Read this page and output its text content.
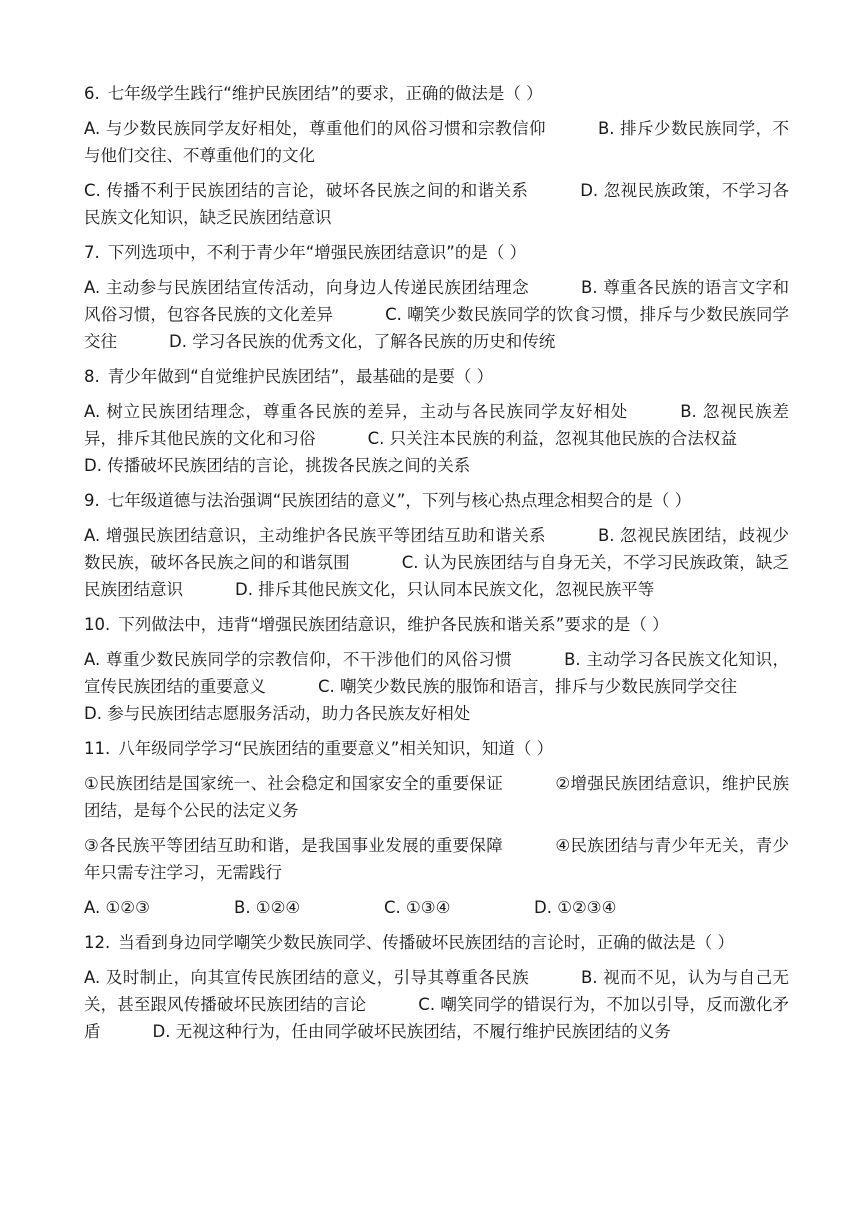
6. 七年级学生践行“维护民族团结”的要求，正确的做法是（ ）
A. 与少数民族同学友好相处，尊重他们的风俗习惯和宗教信仰	B. 排斥少数民族同学，不与他们交往、不尊重他们的文化
C. 传播不利于民族团结的言论，破坏各民族之间的和谐关系	D. 忽视民族政策，不学习各民族文化知识，缺乏民族团结意识
7. 下列选项中，不利于青少年“增强民族团结意识”的是（ ）
A. 主动参与民族团结宣传活动，向身边人传递民族团结理念	B. 尊重各民族的语言文字和风俗习惯，包容各民族的文化差异	C. 嘲笑少数民族同学的饮食习惯，排斥与少数民族同学交往	D. 学习各民族的优秀文化，了解各民族的历史和传统
8. 青少年做到“自觉维护民族团结”，最基础的是要（ ）
A. 树立民族团结理念，尊重各民族的差异，主动与各民族同学友好相处	B. 忽视民族差异，排斥其他民族的文化和习俗	C. 只关注本民族的利益，忽视其他民族的合法权益D. 传播破坏民族团结的言论，挑拨各民族之间的关系
9. 七年级道德与法治强调“民族团结的意义”，下列与核心热点理念相契合的是（ ）
A. 增强民族团结意识，主动维护各民族平等团结互助和谐关系	B. 忽视民族团结，歧视少数民族，破坏各民族之间的和谐氛围	C. 认为民族团结与自身无关，不学习民族政策，缺乏民族团结意识	D. 排斥其他民族文化，只认同本民族文化，忽视民族平等
10. 下列做法中，违背“增强民族团结意识，维护各民族和谐关系”要求的是（ ）
A. 尊重少数民族同学的宗教信仰，不干涉他们的风俗习惯	B. 主动学习各民族文化知识，宣传民族团结的重要意义	C. 嘲笑少数民族的服饰和语言，排斥与少数民族同学交往D. 参与民族团结志愿服务活动，助力各民族友好相处
11. 八年级同学学习“民族团结的重要意义”相关知识，知道（ ）
①民族团结是国家统一、社会稳定和国家安全的重要保证	②增强民族团结意识，维护民族团结，是每个公民的法定义务
③各民族平等团结互助和谐，是我国事业发展的重要保障	④民族团结与青少年无关，青少年只需专注学习，无需践行
A. ①②③	B. ①②④	C. ①③④	D. ①②③④
12. 当看到身边同学嘲笑少数民族同学、传播破坏民族团结的言论时，正确的做法是（ ）
A. 及时制止，向其宣传民族团结的意义，引导其尊重各民族	B. 视而不见，认为与自己无关，甚至跟风传播破坏民族团结的言论	C. 嘲笑同学的错误行为，不加以引导，反而激化矛盾	D. 无视这种行为，任由同学破坏民族团结，不履行维护民族团结的义务
